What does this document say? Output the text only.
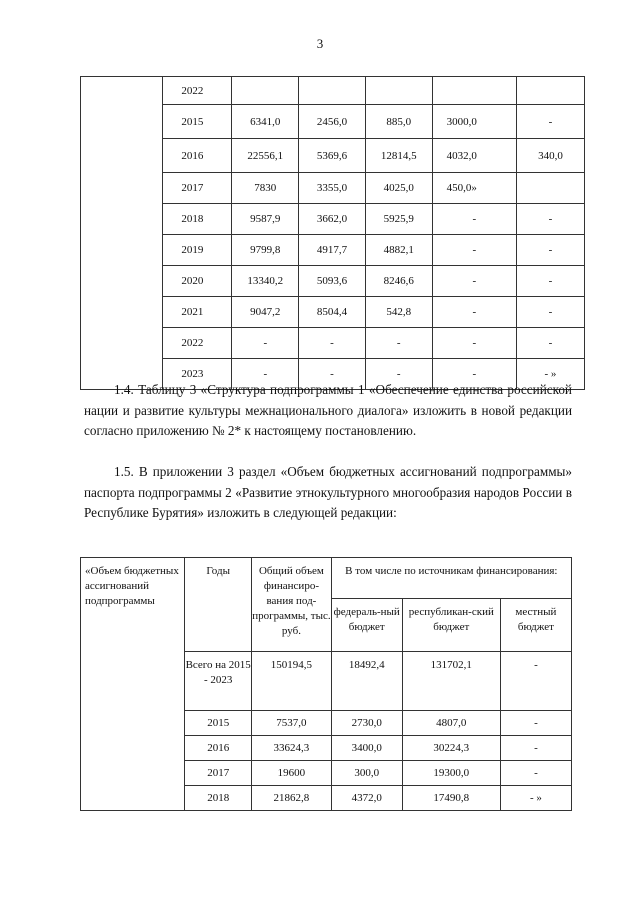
3
	2022					
	2015	6341,0	2456,0	885,0	3000,0	-
	2016	22556,1	5369,6	12814,5	4032,0	340,0
	2017	7830	3355,0	4025,0	450,0»	
	2018	9587,9	3662,0	5925,9	-	-
	2019	9799,8	4917,7	4882,1	-	-
	2020	13340,2	5093,6	8246,6	-	-
	2021	9047,2	8504,4	542,8	-	-
	2022	-	-	-	-	-
	2023	-	-	-	-	- »

1.4. Таблицу 3 «Структура подпрограммы 1 «Обеспечение единства российской нации и развитие культуры межнационального диалога» изложить в новой редакции согласно приложению № 2* к настоящему постановлению.

1.5. В приложении 3 раздел «Объем бюджетных ассигнований подпрограммы» паспорта подпрограммы 2 «Развитие этнокультурного многообразия народов России в Республике Бурятия» изложить в следующей редакции:

«Объем бюджетных ассигнований подпрограммы	Годы	Общий объем финансиро-вания под-программы, тыс. руб.	В том числе по источникам финансирования:		
			федераль-ный бюджет	республикан-ский бюджет	местный бюджет
	Всего на 2015 - 2023	150194,5	18492,4	131702,1	-
	2015	7537,0	2730,0	4807,0	-
	2016	33624,3	3400,0	30224,3	-
	2017	19600	300,0	19300,0	-
	2018	21862,8	4372,0	17490,8	- »
